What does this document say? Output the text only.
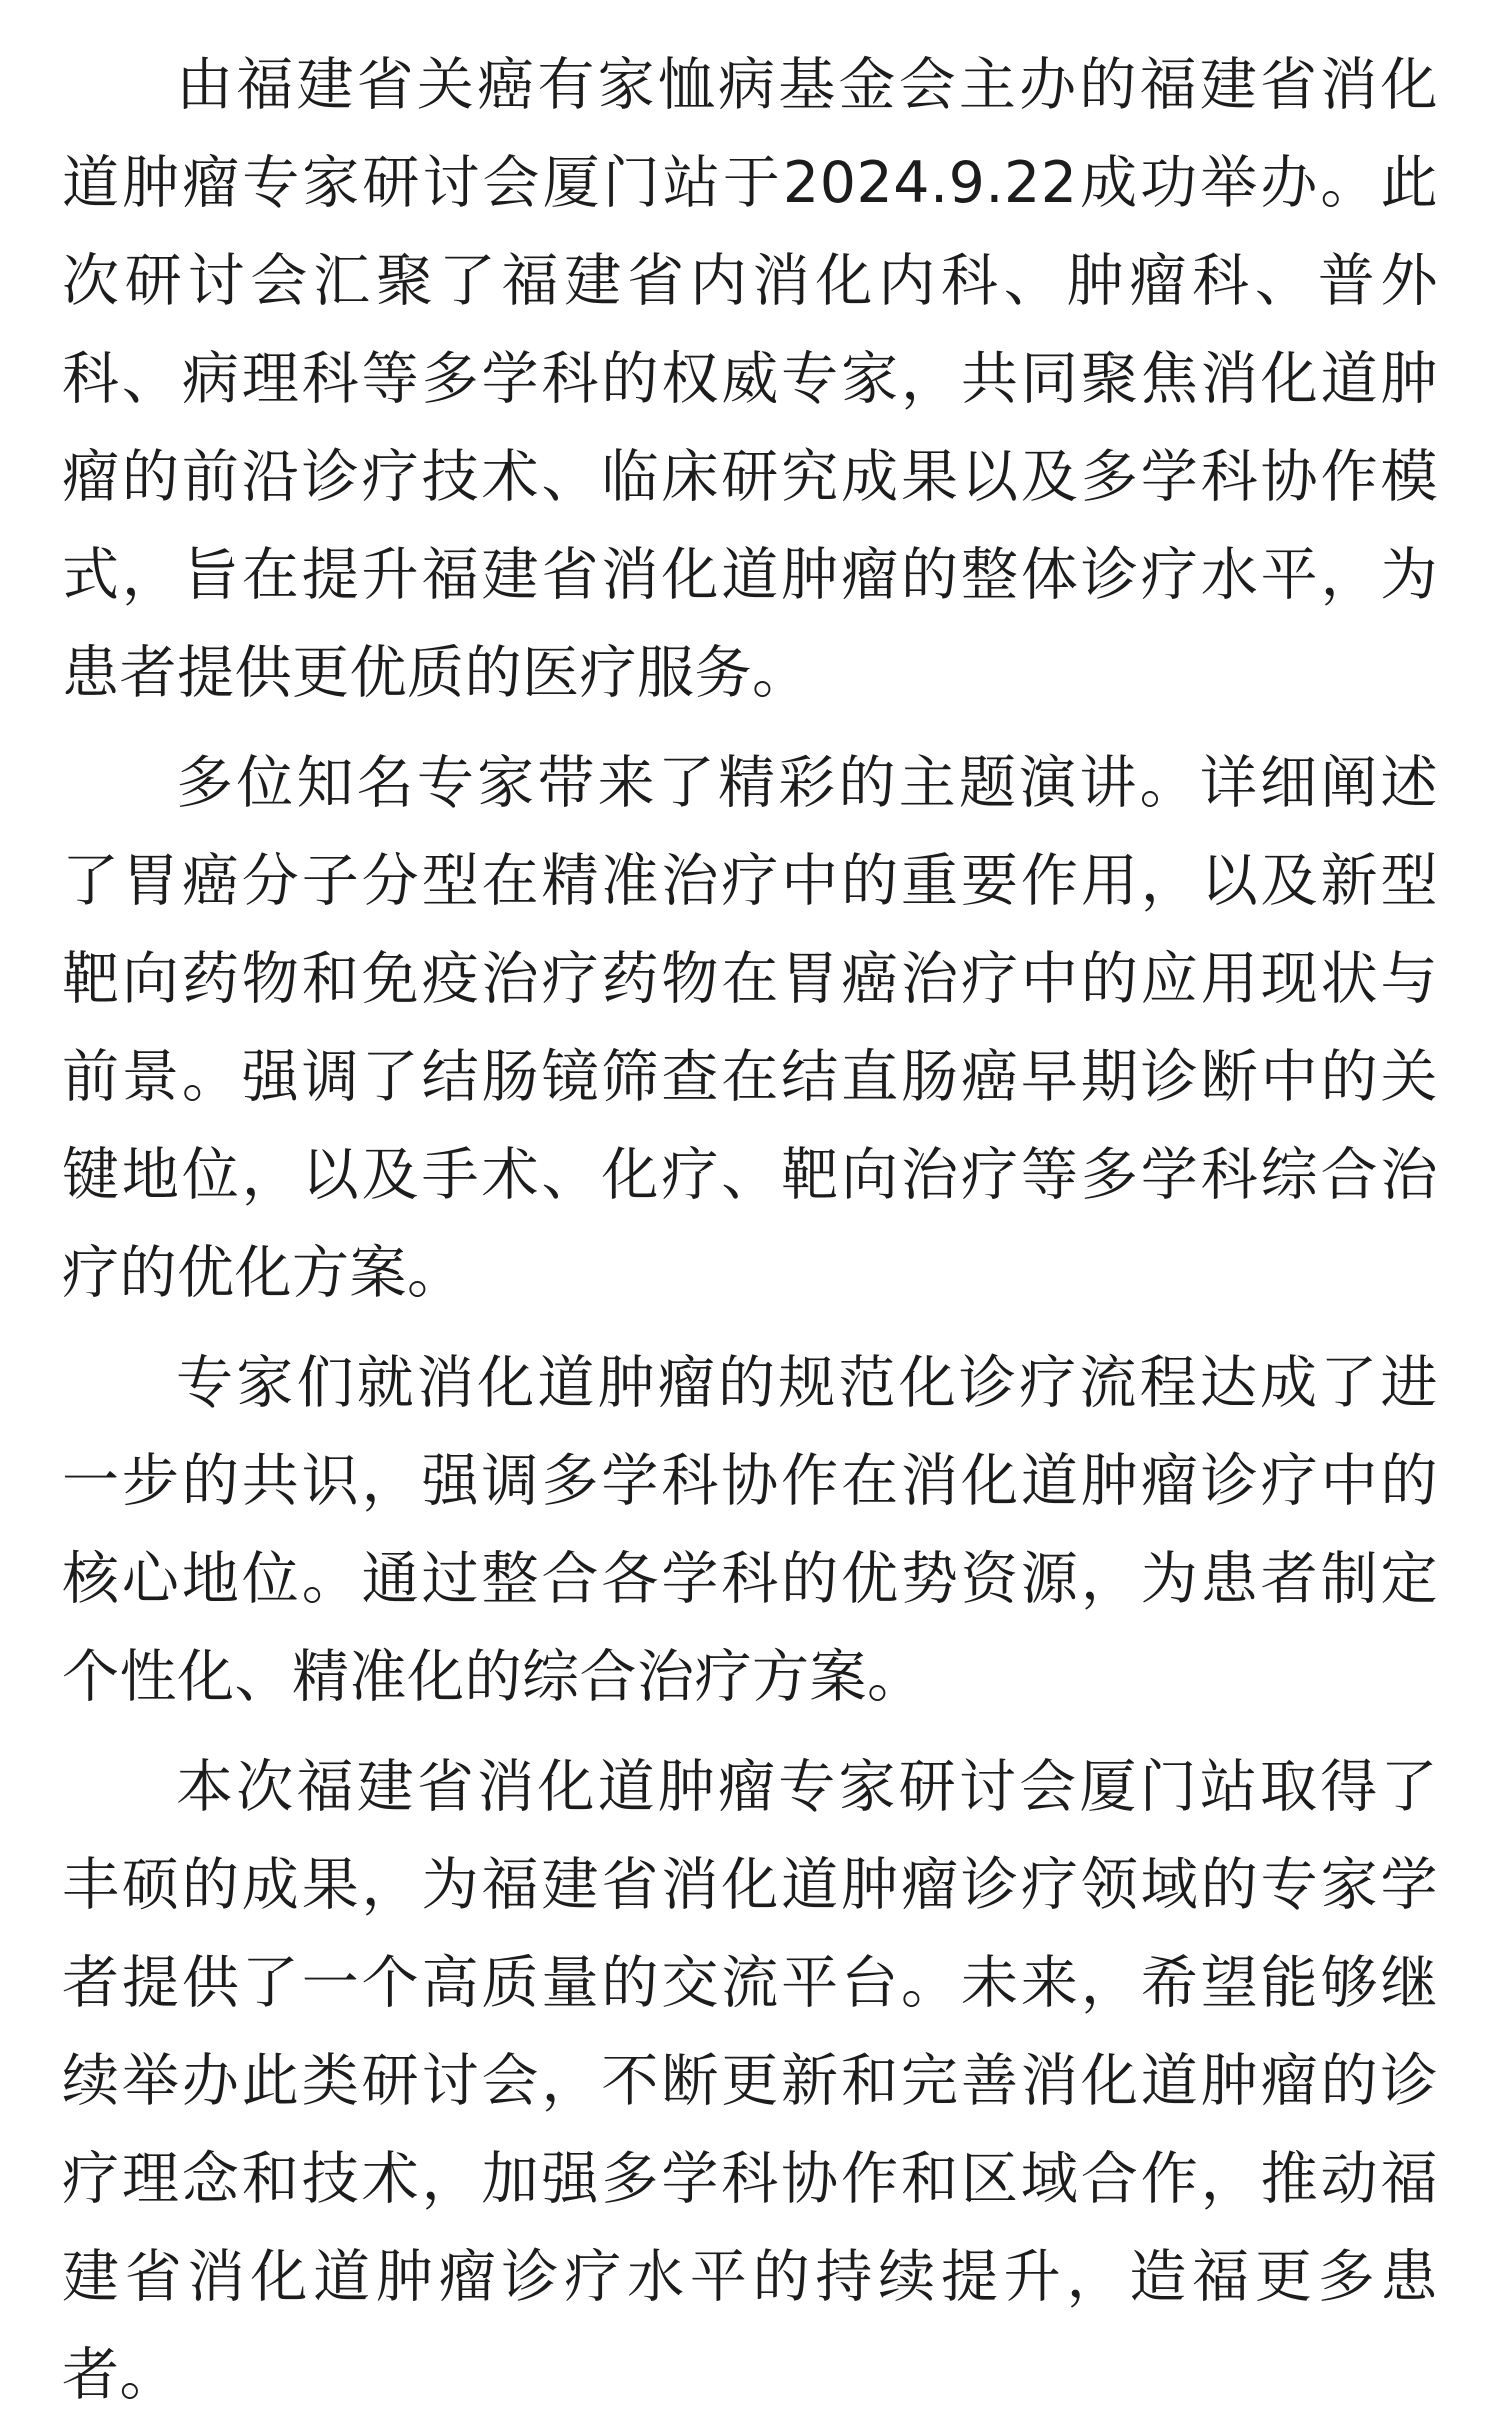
由福建省关癌有家恤病基金会主办的福建省消化道肿瘤专家研讨会厦门站于2024.9.22成功举办。此次研讨会汇聚了福建省内消化内科、肿瘤科、普外科、病理科等多学科的权威专家，共同聚焦消化道肿瘤的前沿诊疗技术、临床研究成果以及多学科协作模式，旨在提升福建省消化道肿瘤的整体诊疗水平，为患者提供更优质的医疗服务。

多位知名专家带来了精彩的主题演讲。详细阐述了胃癌分子分型在精准治疗中的重要作用，以及新型靶向药物和免疫治疗药物在胃癌治疗中的应用现状与前景。强调了结肠镜筛查在结直肠癌早期诊断中的关键地位，以及手术、化疗、靶向治疗等多学科综合治疗的优化方案。

专家们就消化道肿瘤的规范化诊疗流程达成了进一步的共识，强调多学科协作在消化道肿瘤诊疗中的核心地位。通过整合各学科的优势资源，为患者制定个性化、精准化的综合治疗方案。

本次福建省消化道肿瘤专家研讨会厦门站取得了丰硕的成果，为福建省消化道肿瘤诊疗领域的专家学者提供了一个高质量的交流平台。未来，希望能够继续举办此类研讨会，不断更新和完善消化道肿瘤的诊疗理念和技术，加强多学科协作和区域合作，推动福建省消化道肿瘤诊疗水平的持续提升，造福更多患者。
